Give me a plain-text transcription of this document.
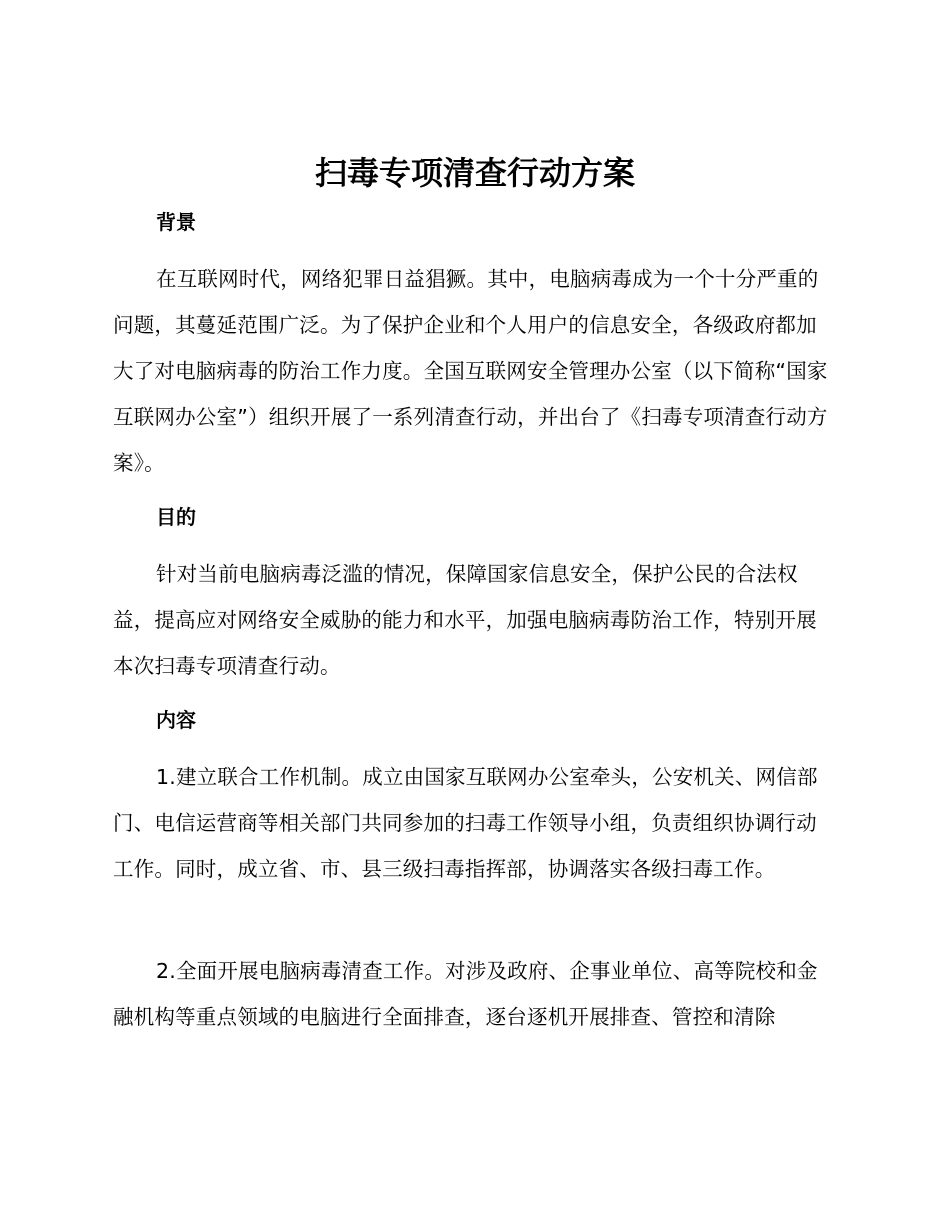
扫毒专项清查行动方案
背景

在互联网时代，网络犯罪日益猖獗。其中，电脑病毒成为一个十分严重的问题，其蔓延范围广泛。为了保护企业和个人用户的信息安全，各级政府都加大了对电脑病毒的防治工作力度。全国互联网安全管理办公室（以下简称“国家互联网办公室”）组织开展了一系列清查行动，并出台了《扫毒专项清查行动方案》。

目的

针对当前电脑病毒泛滥的情况，保障国家信息安全，保护公民的合法权益，提高应对网络安全威胁的能力和水平，加强电脑病毒防治工作，特别开展本次扫毒专项清查行动。

内容

1.建立联合工作机制。成立由国家互联网办公室牵头，公安机关、网信部门、电信运营商等相关部门共同参加的扫毒工作领导小组，负责组织协调行动工作。同时，成立省、市、县三级扫毒指挥部，协调落实各级扫毒工作。

2.全面开展电脑病毒清查工作。对涉及政府、企事业单位、高等院校和金融机构等重点领域的电脑进行全面排查，逐台逐机开展排查、管控和清除
